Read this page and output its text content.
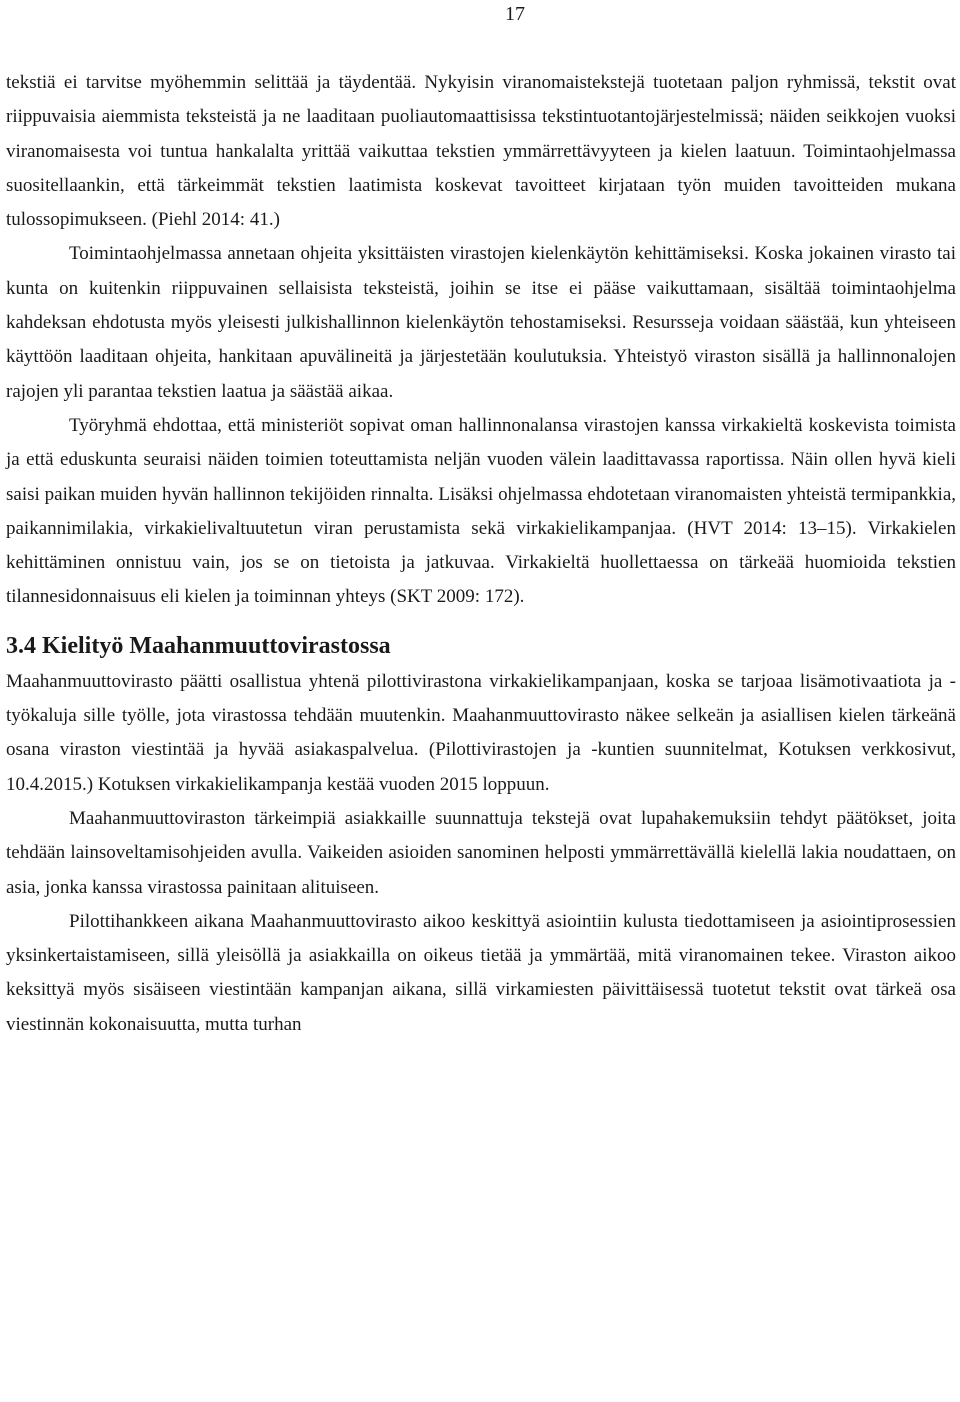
17

tekstiä ei tarvitse myöhemmin selittää ja täydentää. Nykyisin viranomaistekstejä tuotetaan paljon ryhmissä, tekstit ovat riippuvaisia aiemmista teksteistä ja ne laaditaan puoliautomaattisissa tekstintuotantojärjestelmissä; näiden seikkojen vuoksi viranomaisesta voi tuntua hankalalta yrittää vaikuttaa tekstien ymmärrettävyyteen ja kielen laatuun. Toimintaohjelmassa suositellaankin, että tärkeimmät tekstien laatimista koskevat tavoitteet kirjataan työn muiden tavoitteiden mukana tulossopimukseen. (Piehl 2014: 41.)

Toimintaohjelmassa annetaan ohjeita yksittäisten virastojen kielenkäytön kehittämiseksi. Koska jokainen virasto tai kunta on kuitenkin riippuvainen sellaisista teksteistä, joihin se itse ei pääse vaikuttamaan, sisältää toimintaohjelma kahdeksan ehdotusta myös yleisesti julkishallinnon kielenkäytön tehostamiseksi. Resursseja voidaan säästää, kun yhteiseen käyttöön laaditaan ohjeita, hankitaan apuvälineitä ja järjestetään koulutuksia. Yhteistyö viraston sisällä ja hallinnonalojen rajojen yli parantaa tekstien laatua ja säästää aikaa.

Työryhmä ehdottaa, että ministeriöt sopivat oman hallinnonalansa virastojen kanssa virkakieltä koskevista toimista ja että eduskunta seuraisi näiden toimien toteuttamista neljän vuoden välein laadittavassa raportissa. Näin ollen hyvä kieli saisi paikan muiden hyvän hallinnon tekijöiden rinnalta. Lisäksi ohjelmassa ehdotetaan viranomaisten yhteistä termipankkia, paikannimilakia, virkakielivaltuutetun viran perustamista sekä virkakielikampanjaa. (HVT 2014: 13–15). Virkakielen kehittäminen onnistuu vain, jos se on tietoista ja jatkuvaa. Virkakieltä huollettaessa on tärkeää huomioida tekstien tilannesidonnaisuus eli kielen ja toiminnan yhteys (SKT 2009: 172).

3.4 Kielityö Maahanmuuttovirastossa

Maahanmuuttovirasto päätti osallistua yhtenä pilottivirastona virkakielikampanjaan, koska se tarjoaa lisämotivaatiota ja -työkaluja sille työlle, jota virastossa tehdään muutenkin. Maahanmuuttovirasto näkee selkeän ja asiallisen kielen tärkeänä osana viraston viestintää ja hyvää asiakaspalvelua. (Pilottivirastojen ja -kuntien suunnitelmat, Kotuksen verkkosivut, 10.4.2015.) Kotuksen virkakielikampanja kestää vuoden 2015 loppuun.

Maahanmuuttoviraston tärkeimpiä asiakkaille suunnattuja tekstejä ovat lupahakemuksiin tehdyt päätökset, joita tehdään lainsoveltamisohjeiden avulla. Vaikeiden asioiden sanominen helposti ymmärrettävällä kielellä lakia noudattaen, on asia, jonka kanssa virastossa painitaan alituiseen.

Pilottihankkeen aikana Maahanmuuttovirasto aikoo keskittyä asiointiin kulusta tiedottamiseen ja asiointiprosessien yksinkertaistamiseen, sillä yleisöllä ja asiakkailla on oikeus tietää ja ymmärtää, mitä viranomainen tekee. Viraston aikoo keksittyä myös sisäiseen viestintään kampanjan aikana, sillä virkamiesten päivittäisessä tuotetut tekstit ovat tärkeä osa viestinnän kokonaisuutta, mutta turhan
